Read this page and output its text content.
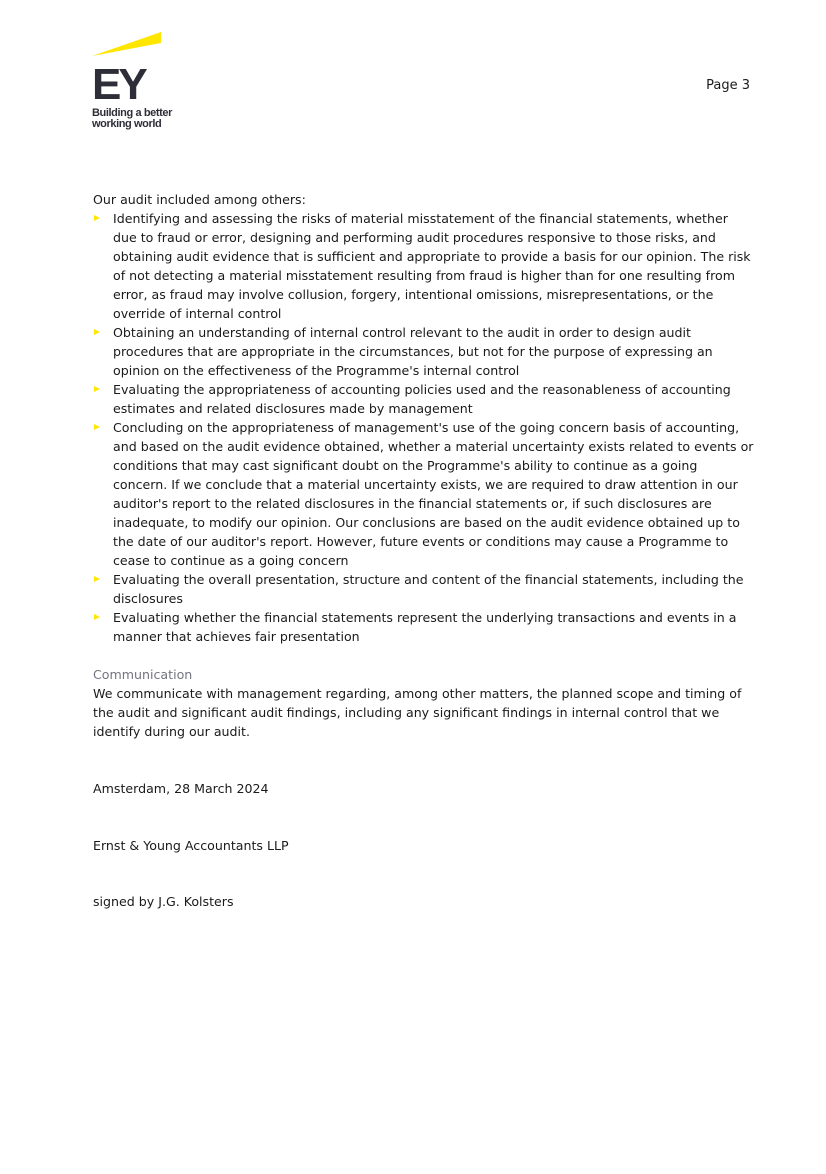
EY
Building a better
working world
Page 3

Our audit included among others:

Identifying and assessing the risks of material misstatement of the financial statements, whether due to fraud or error, designing and performing audit procedures responsive to those risks, and obtaining audit evidence that is sufficient and appropriate to provide a basis for our opinion. The risk of not detecting a material misstatement resulting from fraud is higher than for one resulting from error, as fraud may involve collusion, forgery, intentional omissions, misrepresentations, or the override of internal control
Obtaining an understanding of internal control relevant to the audit in order to design audit procedures that are appropriate in the circumstances, but not for the purpose of expressing an opinion on the effectiveness of the Programme's internal control
Evaluating the appropriateness of accounting policies used and the reasonableness of accounting estimates and related disclosures made by management
Concluding on the appropriateness of management's use of the going concern basis of accounting, and based on the audit evidence obtained, whether a material uncertainty exists related to events or conditions that may cast significant doubt on the Programme's ability to continue as a going concern. If we conclude that a material uncertainty exists, we are required to draw attention in our auditor's report to the related disclosures in the financial statements or, if such disclosures are inadequate, to modify our opinion. Our conclusions are based on the audit evidence obtained up to the date of our auditor's report. However, future events or conditions may cause a Programme to cease to continue as a going concern
Evaluating the overall presentation, structure and content of the financial statements, including the disclosures
Evaluating whether the financial statements represent the underlying transactions and events in a manner that achieves fair presentation

Communication

We communicate with management regarding, among other matters, the planned scope and timing of the audit and significant audit findings, including any significant findings in internal control that we identify during our audit.

Amsterdam, 28 March 2024

Ernst & Young Accountants LLP

signed by J.G. Kolsters
